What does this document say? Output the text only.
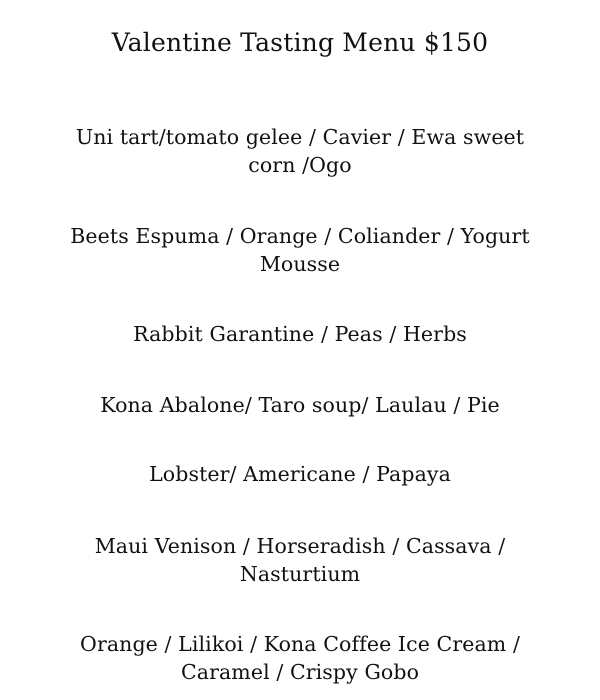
Valentine Tasting Menu $150
Uni tart/tomato gelee / Cavier / Ewa sweet
corn /Ogo
Beets Espuma / Orange / Coliander / Yogurt
Mousse
Rabbit Garantine / Peas / Herbs
Kona Abalone/ Taro soup/ Laulau / Pie
Lobster/ Americane / Papaya
Maui Venison / Horseradish / Cassava /
Nasturtium
Orange / Lilikoi / Kona Coffee Ice Cream /
Caramel / Crispy Gobo
